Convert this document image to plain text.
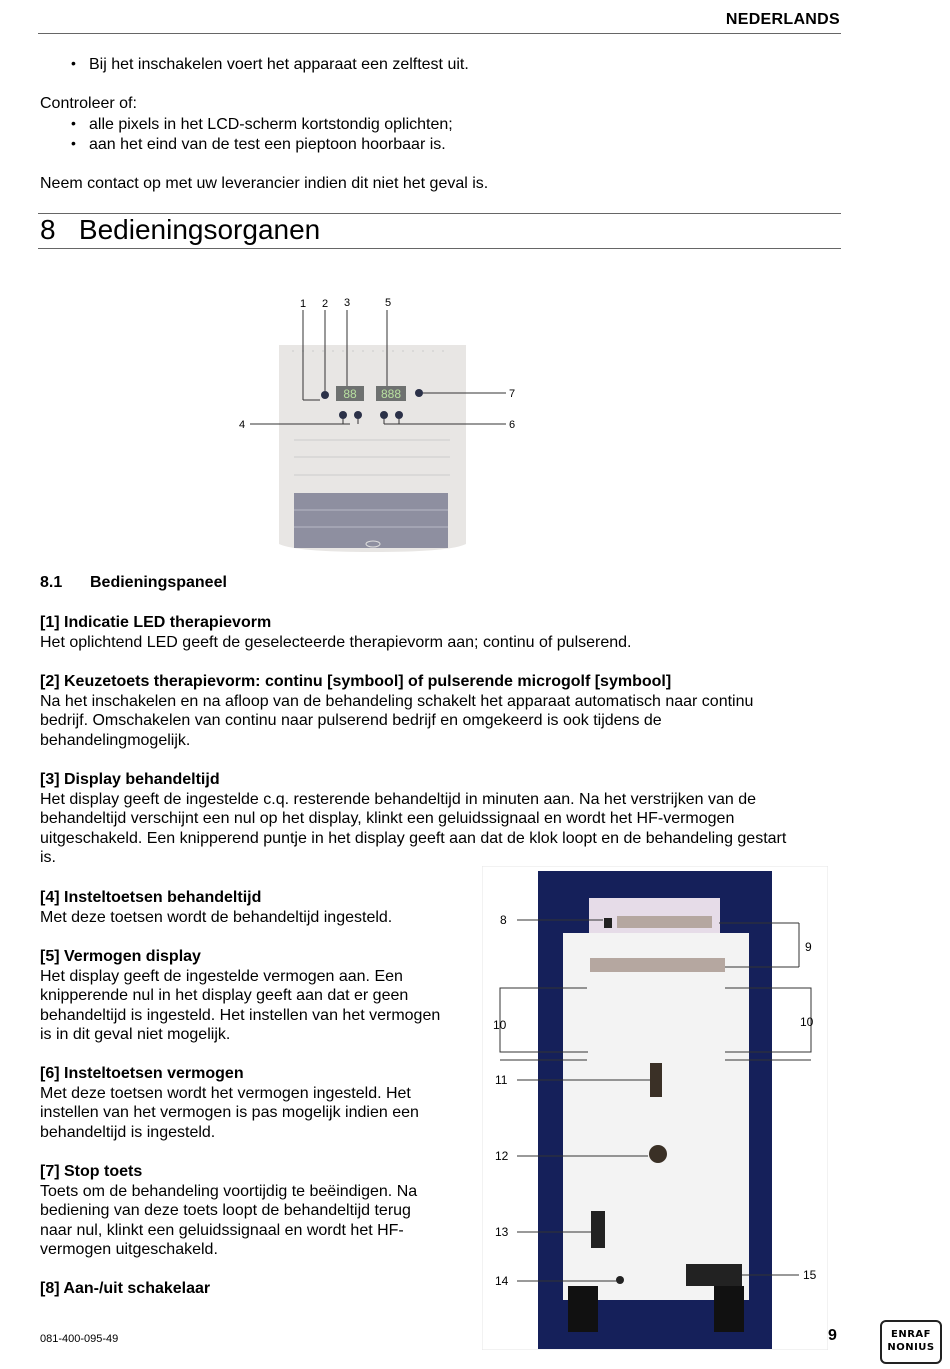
NEDERLANDS
• Bij het inschakelen voert het apparaat een zelftest uit.
Controleer of:
• alle pixels in het LCD-scherm kortstondig oplichten;
• aan het eind van de test een pieptoon hoorbaar is.
Neem contact op met uw leverancier indien dit niet het geval is.
8 Bedieningsorganen
88 888
1 2 3	5
7
4	6
8.1 Bedieningspaneel
[1] Indicatie LED therapievorm
Het oplichtend LED geeft de geselecteerde therapievorm aan; continu of pulserend.
[2] Keuzetoets therapievorm: continu [symbool] of pulserende microgolf [symbool]
Na het inschakelen en na afloop van de behandeling schakelt het apparaat automatisch naar continu
bedrijf. Omschakelen van continu naar pulserend bedrijf en omgekeerd is ook tijdens de
behandelingmogelijk.
[3] Display behandeltijd
Het display geeft de ingestelde c.q. resterende behandeltijd in minuten aan. Na het verstrijken van de
behandeltijd verschijnt een nul op het display, klinkt een geluidssignaal en wordt het HF-vermogen
uitgeschakeld. Een knipperend puntje in het display geeft aan dat de klok loopt en de behandeling gestart
is.
[4] Insteltoetsen behandeltijd
Met deze toetsen wordt de behandeltijd ingesteld.
[5] Vermogen display
Het display geeft de ingestelde vermogen aan. Een
knipperende nul in het display geeft aan dat er geen
behandeltijd is ingesteld. Het instellen van het vermogen
is in dit geval niet mogelijk.
[6] Insteltoetsen vermogen
Met deze toetsen wordt het vermogen ingesteld. Het
instellen van het vermogen is pas mogelijk indien een
behandeltijd is ingesteld.
[7] Stop toets
Toets om de behandeling voortijdig te beëindigen. Na
bediening van deze toets loopt de behandeltijd terug
naar nul, klinkt een geluidssignaal en wordt het HF-
vermogen uitgeschakeld.
[8] Aan-/uit schakelaar
8
9
10	10
11
12
13
14	15
081-400-095-49	9	ENRAF
NONIUS
